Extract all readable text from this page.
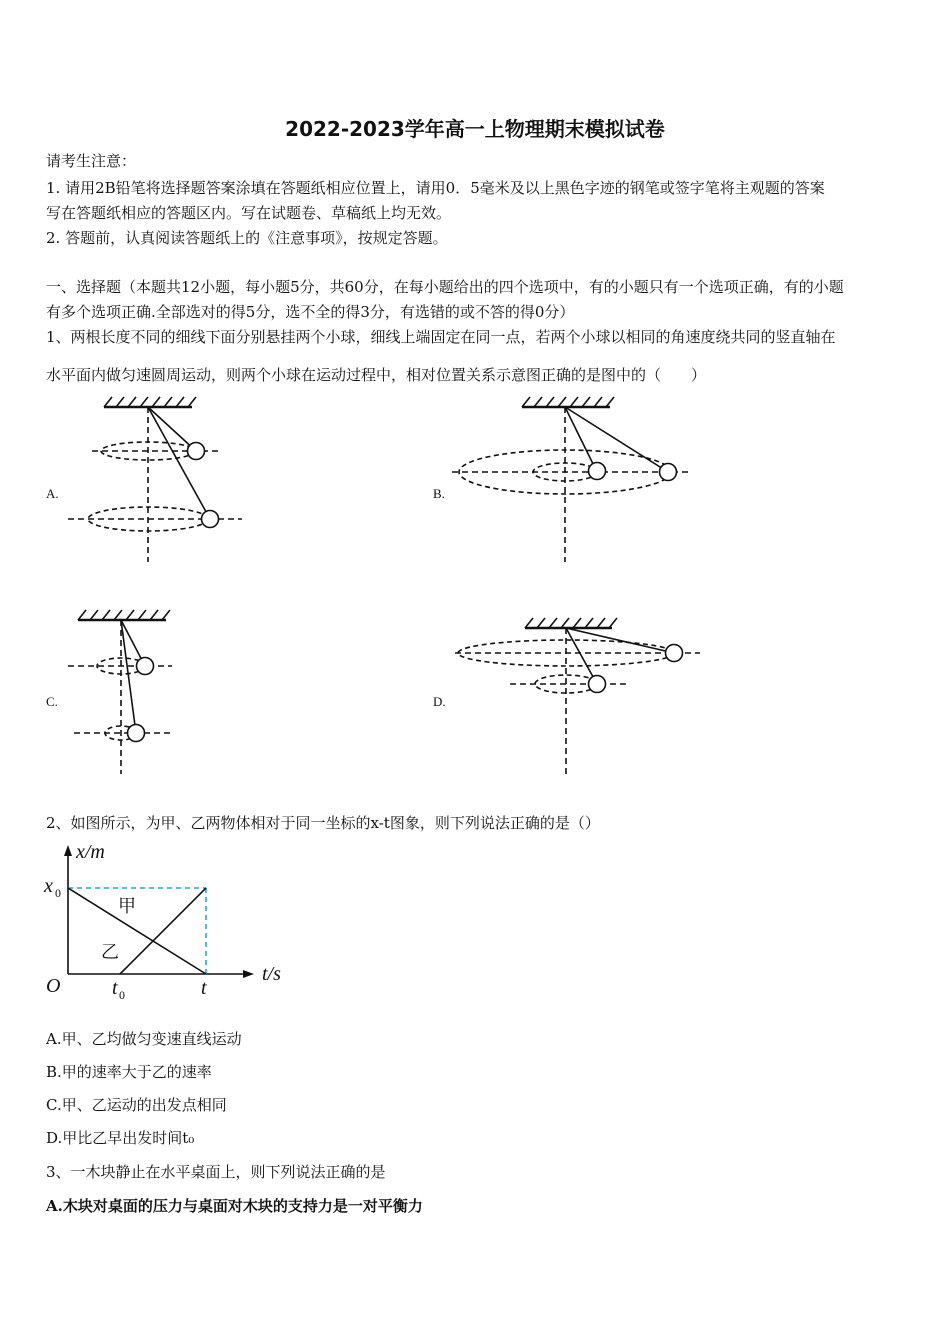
2022-2023学年高一上物理期末模拟试卷
请考生注意：
1. 请用2B铅笔将选择题答案涂填在答题纸相应位置上，请用0．5毫米及以上黑色字迹的钢笔或签字笔将主观题的答案
写在答题纸相应的答题区内。写在试题卷、草稿纸上均无效。
2. 答题前，认真阅读答题纸上的《注意事项》，按规定答题。
一、选择题（本题共12小题，每小题5分，共60分，在每小题给出的四个选项中，有的小题只有一个选项正确，有的小题
有多个选项正确.全部选对的得5分，选不全的得3分，有选错的或不答的得0分）
1、两根长度不同的细线下面分别悬挂两个小球，细线上端固定在同一点，若两个小球以相同的角速度绕共同的竖直轴在
水平面内做匀速圆周运动，则两个小球在运动过程中，相对位置关系示意图正确的是图中的（　　）
A.	B.
C.	D.
2、如图所示，为甲、乙两物体相对于同一坐标的x-t图象，则下列说法正确的是（）
x/m
t/s
O
x 0
t 0	t
甲
乙
A.甲、乙均做匀变速直线运动
B.甲的速率大于乙的速率
C.甲、乙运动的出发点相同
D.甲比乙早出发时间t₀
3、一木块静止在水平桌面上，则下列说法正确的是
A.木块对桌面的压力与桌面对木块的支持力是一对平衡力
